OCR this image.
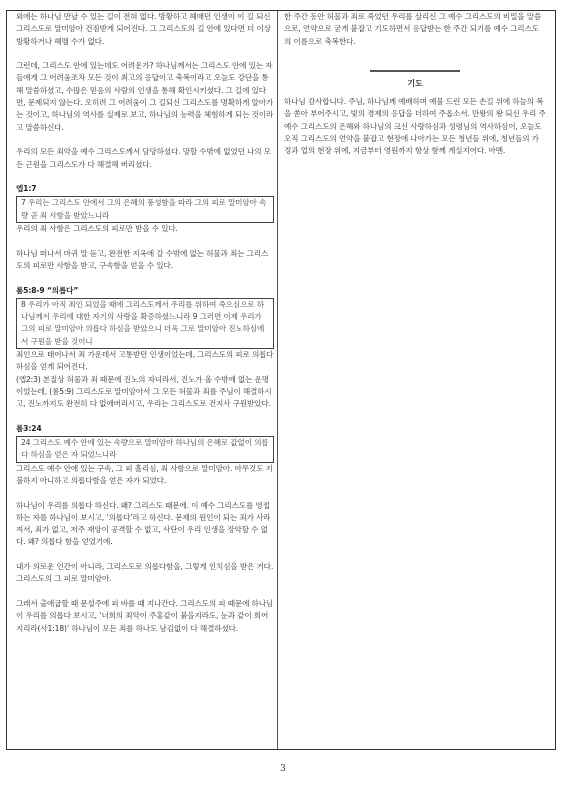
외에는 하나님 만날 수 있는 길이 전혀 없다. 방황하고 헤매던 인생이 이 길 되신 그리스도로 말미암아 건짐받게 되어진다. 그 그리스도의 길 안에 있다면 더 이상 방황하거나 헤맬 수가 없다.

그런데, 그리스도 안에 있는데도 어려운가? 하나님께서는 그리스도 안에 있는 자들에게 그 어려움조차 모든 것이 최고의 응답이고 축복이라고 오늘도 강단을 통해 말씀하셨고, 수많은 믿음의 사람의 인생을 통해 확인시키셨다. 그 길에 있다면, 문제되지 않는다. 오히려 그 어려움이 그 길되신 그리스도를 명확하게 알아가는 것이고, 하나님의 역사를 실제로 보고, 하나님의 능력을 체험하게 되는 것이라고 말씀하신다.

우리의 모든 죄악을 예수 그리스도께서 담당하셨다. 망할 수밖에 없었던 나의 모든 근원을 그리스도가 다 해결해 버리셨다.

엡1:7

7 우리는 그리스도 안에서 그의 은혜의 풍성함을 따라 그의 피로 말미암아 속량 곧 죄 사함을 받았느니라

우리의 죄 사함은 그리스도의 피로만 받을 수 있다.

하나님 떠나서 마귀 말 듣고, 완전한 지옥에 갈 수밖에 없는 허물과 죄는 그리스도의 피로만 사함을 받고, 구속함을 얻을 수 있다.

롬5:8-9 “의롭다”

8 우리가 아직 죄인 되었을 때에 그리스도께서 우리를 위하여 죽으심으로 하나님께서 우리에 대한 자기의 사랑을 확증하셨느니라 9 그러면 이제 우리가 그의 피로 말미암아 의롭다 하심을 받았으니 더욱 그로 말미암아 진노하심에서 구원을 받을 것이니

죄인으로 태어나서 죄 가운데서 고통받던 인생이었는데, 그리스도의 피로 의롭다 하심을 얻게 되어진다.

(엡2:3) 본질상 허물과 죄 때문에 진노의 자녀라서, 진노가 올 수밖에 없는 운명이었는데, (롬5:9) 그리스도로 말미암아서 그 모든 허물과 죄를 주님이 해결하시고, 진노까지도 완전히 다 없애버리시고, 우리는 그리스도로 건지사 구원받았다.

롬3:24

24 그리스도 예수 안에 있는 속량으로 말미암아 하나님의 은혜로 값없이 의롭다 하심을 얻은 자 되었느니라

그리스도 예수 안에 있는 구속, 그 피 흘리심, 죄 사함으로 말미암아. 아무것도 지불하지 아니하고 의롭다함을 얻은 자가 되었다.

하나님이 우리를 의롭다 하신다. 왜? 그리스도 때문에. 이 예수 그리스도를 영접하는 자를 하나님이 보시고, ‘의롭다’라고 하신다. 문제의 원인이 되는 죄가 사라져서, 죄가 없고, 저주 재앙이 공격할 수 없고, 사단이 우리 인생을 장악할 수 없다. 왜? 의롭다 함을 얻었기에.

내가 의로운 인간이 아니라, 그리스도로 의롭다함을, 그렇게 인치심을 받은 거다. 그리스도의 그 피로 말미암아.

그래서 출애굽할 때 문설주에 피 바를 때 지나간다. 그리스도의 피 때문에 하나님이 우리를 의롭다 보시고, ‘너희의 죄악이 주홍같이 붉을지라도, 눈과 같이 희어지리라(사1:18)’ 하나님이 모든 죄를 하나도 남김없이 다 해결하셨다.

한 주간 동안 허물과 죄로 죽었던 우리를 살리신 그 예수 그리스도의 비밀을 말씀으로, 언약으로 굳게 붙잡고 기도하면서 응답받는 한 주간 되기를 예수 그리스도의 이름으로 축복한다.

기도

하나님 감사합니다. 주님, 하나님께 예배하며 예물 드린 모든 손길 위에 하늘의 복을 쏟아 부어주시고, 빛의 경제의 응답을 더하여 주옵소서. 만왕의 왕 되신 우리 주 예수 그리스도의 은혜와 하나님의 크신 사랑하심과 성령님의 역사하심이, 오늘도 오직 그리스도의 언약을 붙잡고 현장에 나아가는 모든 청년들 위에, 청년들의 가정과 업의 현장 위에, 지금부터 영원까지 항상 함께 계실지어다. 아멘.

3
